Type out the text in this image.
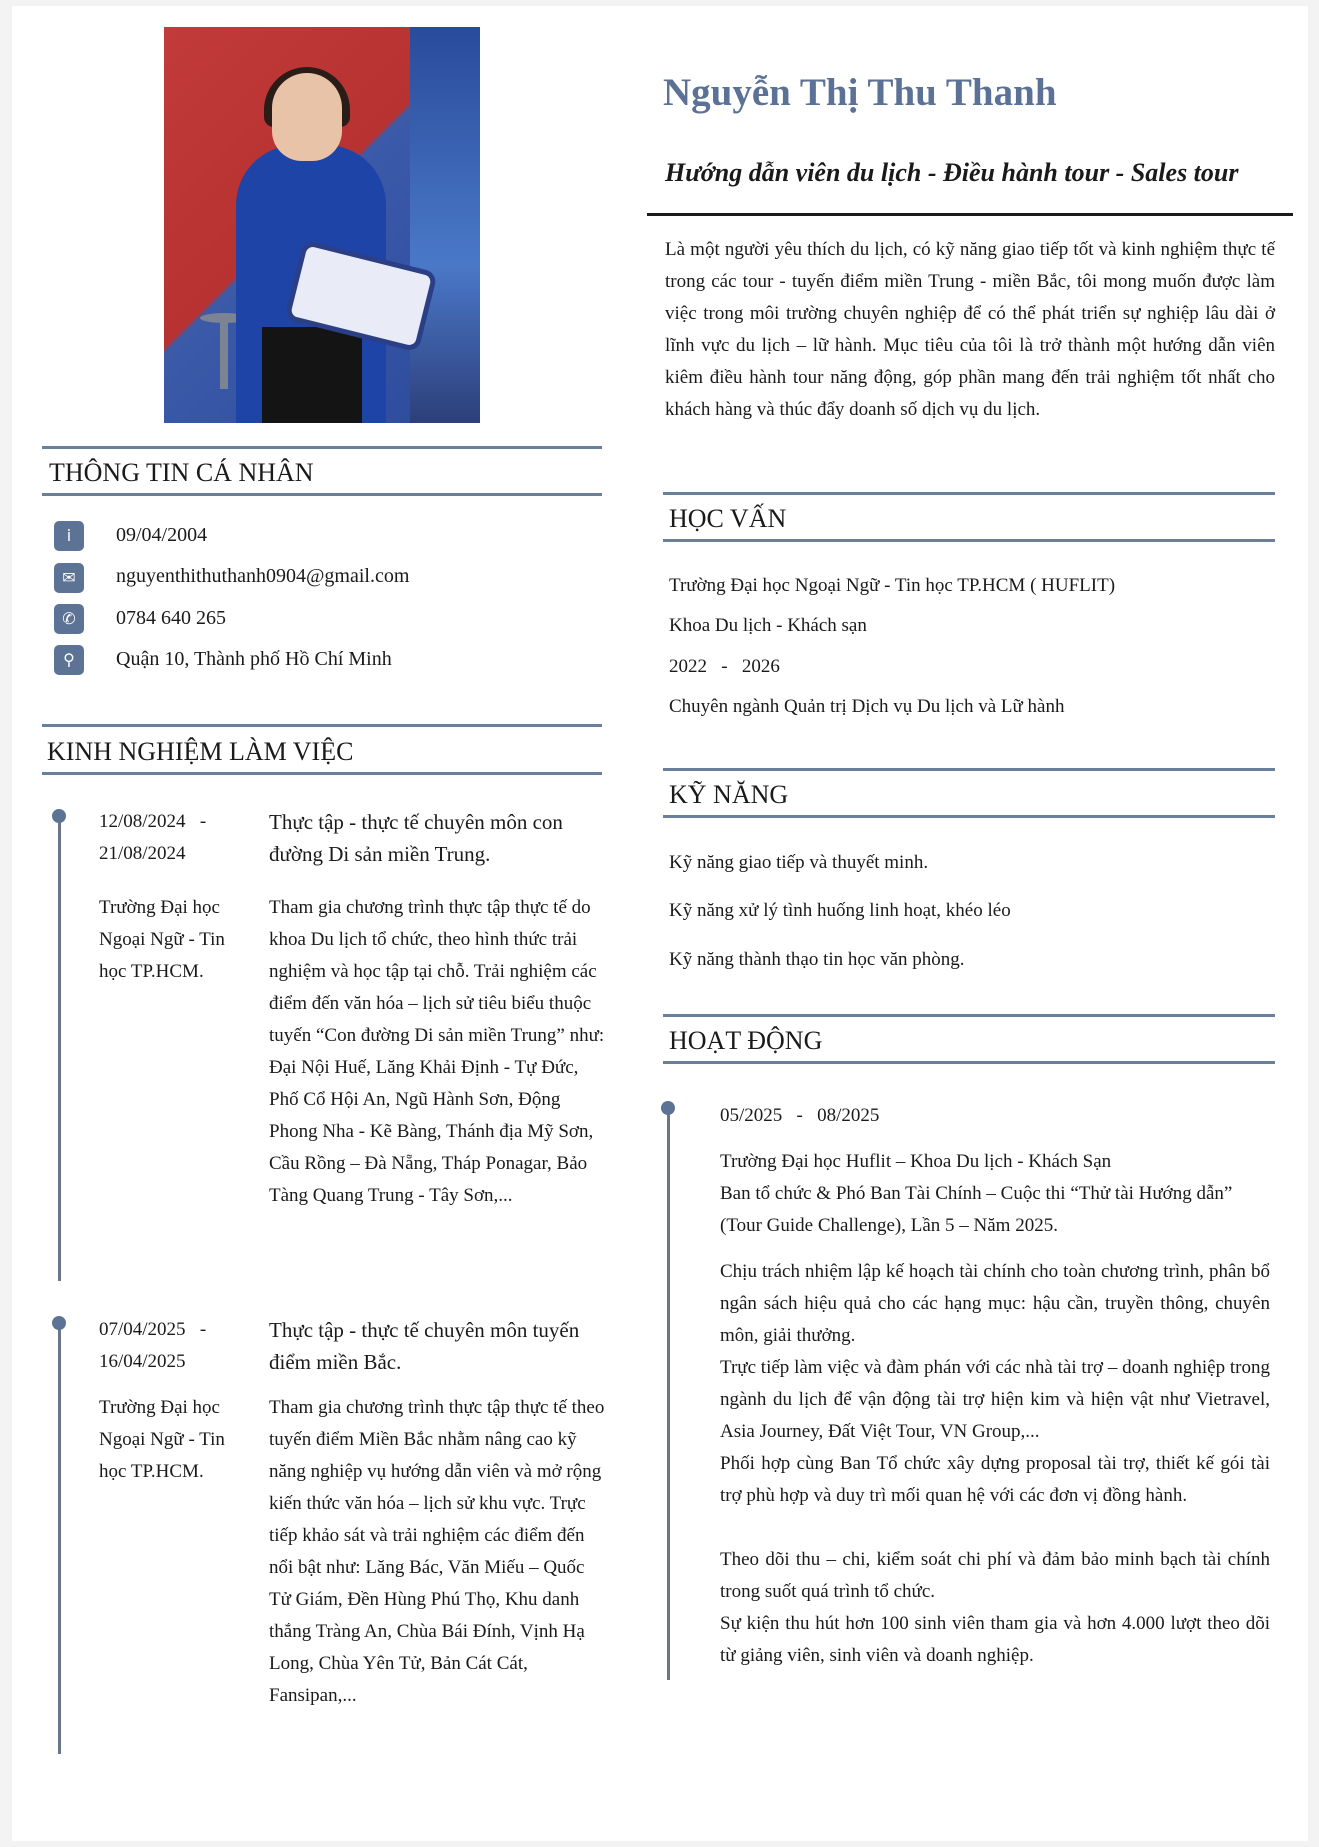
Nguyễn Thị Thu Thanh
Hướng dẫn viên du lịch - Điều hành tour - Sales tour

Là một người yêu thích du lịch, có kỹ năng giao tiếp tốt và kinh nghiệm thực tế trong các tour - tuyến điểm miền Trung - miền Bắc, tôi mong muốn được làm việc trong môi trường chuyên nghiệp để có thể phát triển sự nghiệp lâu dài ở lĩnh vực du lịch – lữ hành. Mục tiêu của tôi là trở thành một hướng dẫn viên kiêm điều hành tour năng động, góp phần mang đến trải nghiệm tốt nhất cho khách hàng và thúc đẩy doanh số dịch vụ du lịch.

THÔNG TIN CÁ NHÂN
i	09/04/2004
✉	nguyenthithuthanh0904@gmail.com
✆	0784 640 265
⚲	Quận 10, Thành phố Hồ Chí Minh
KINH NGHIỆM LÀM VIỆC
12/08/2024 -
21/08/2024

Thực tập - thực tế chuyên môn con đường Di sản miền Trung.

Trường Đại học Ngoại Ngữ - Tin học TP.HCM.

Tham gia chương trình thực tập thực tế do khoa Du lịch tổ chức, theo hình thức trải nghiệm và học tập tại chỗ. Trải nghiệm các điểm đến văn hóa – lịch sử tiêu biểu thuộc tuyến “Con đường Di sản miền Trung” như: Đại Nội Huế, Lăng Khải Định - Tự Đức, Phố Cổ Hội An, Ngũ Hành Sơn, Động Phong Nha - Kẽ Bàng, Thánh địa Mỹ Sơn, Cầu Rồng – Đà Nẵng, Tháp Ponagar, Bảo Tàng Quang Trung - Tây Sơn,...

07/04/2025 -
16/04/2025

Thực tập - thực tế chuyên môn tuyến điểm miền Bắc.

Trường Đại học Ngoại Ngữ - Tin học TP.HCM.

Tham gia chương trình thực tập thực tế theo tuyến điểm Miền Bắc nhằm nâng cao kỹ năng nghiệp vụ hướng dẫn viên và mở rộng kiến thức văn hóa – lịch sử khu vực. Trực tiếp khảo sát và trải nghiệm các điểm đến nổi bật như: Lăng Bác, Văn Miếu – Quốc Tử Giám, Đền Hùng Phú Thọ, Khu danh thắng Tràng An, Chùa Bái Đính, Vịnh Hạ Long, Chùa Yên Tử, Bản Cát Cát, Fansipan,...

HỌC VẤN
Trường Đại học Ngoại Ngữ - Tin học TP.HCM ( HUFLIT)
Khoa Du lịch - Khách sạn
2022 - 2026
Chuyên ngành Quản trị Dịch vụ Du lịch và Lữ hành
KỸ NĂNG
Kỹ năng giao tiếp và thuyết minh.
Kỹ năng xử lý tình huống linh hoạt, khéo léo
Kỹ năng thành thạo tin học văn phòng.
HOẠT ĐỘNG
05/2025 - 08/2025

Trường Đại học Huflit – Khoa Du lịch - Khách Sạn

Ban tổ chức & Phó Ban Tài Chính – Cuộc thi “Thử tài Hướng dẫn” (Tour Guide Challenge), Lần 5 – Năm 2025.

Chịu trách nhiệm lập kế hoạch tài chính cho toàn chương trình, phân bổ ngân sách hiệu quả cho các hạng mục: hậu cần, truyền thông, chuyên môn, giải thưởng.

Trực tiếp làm việc và đàm phán với các nhà tài trợ – doanh nghiệp trong ngành du lịch để vận động tài trợ hiện kim và hiện vật như Vietravel, Asia Journey, Đất Việt Tour, VN Group,...

Phối hợp cùng Ban Tổ chức xây dựng proposal tài trợ, thiết kế gói tài trợ phù hợp và duy trì mối quan hệ với các đơn vị đồng hành.

Theo dõi thu – chi, kiểm soát chi phí và đảm bảo minh bạch tài chính trong suốt quá trình tổ chức.

Sự kiện thu hút hơn 100 sinh viên tham gia và hơn 4.000 lượt theo dõi từ giảng viên, sinh viên và doanh nghiệp.
